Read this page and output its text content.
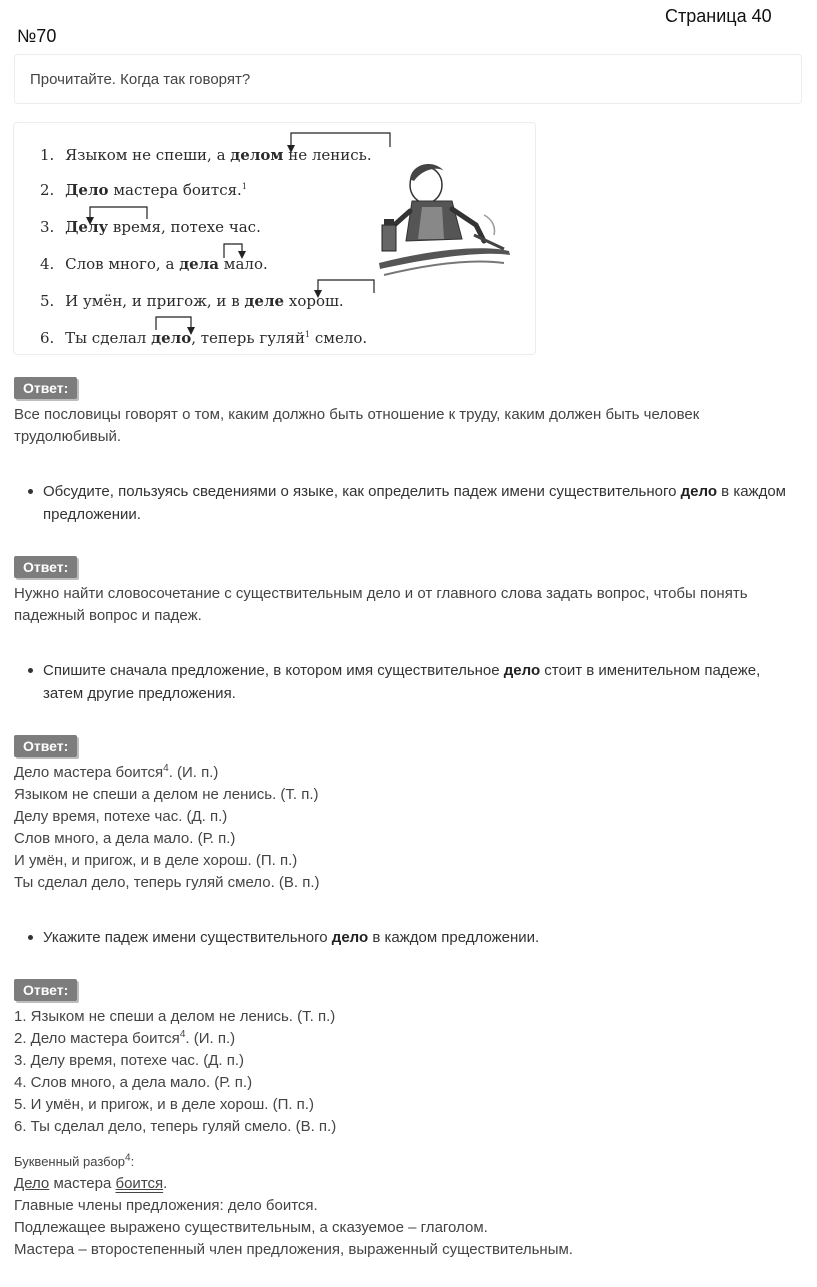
Страница 40
№70
Прочитайте. Когда так говорят?
1. Языком не спеши, а делом не ленись.
2. Дело мастера боится.$^1$
3. Делу время, потехе час.
4. Слов много, а дела мало.
5. И умён, и пригож, и в деле хорош.
6. Ты сделал дело, теперь гуляй$^1$ смело.
Ответ:
Все пословицы говорят о том, каким должно быть отношение к труду, каким должен быть человек трудолюбивый.
Обсудите, пользуясь сведениями о языке, как определить падеж имени существительного дело в каждом предложении.
Ответ:
Нужно найти словосочетание с существительным дело и от главного слова задать вопрос, чтобы понять падежный вопрос и падеж.
Спишите сначала предложение, в котором имя существительное дело стоит в именительном падеже, затем другие предложения.
Ответ:
Дело мастера боится$^4$. (И. п.)
Языком не спеши а делом не ленись. (Т. п.)
Делу время, потехе час. (Д. п.)
Слов много, а дела мало. (Р. п.)
И умён, и пригож, и в деле хорош. (П. п.)
Ты сделал дело, теперь гуляй смело. (В. п.)
Укажите падеж имени существительного дело в каждом предложении.
Ответ:
1. Языком не спеши а делом не ленись. (Т. п.)
2. Дело мастера боится$^4$. (И. п.)
3. Делу время, потехе час. (Д. п.)
4. Слов много, а дела мало. (Р. п.)
5. И умён, и пригож, и в деле хорош. (П. п.)
6. Ты сделал дело, теперь гуляй смело. (В. п.)
Буквенный разбор$^4$:
Дело мастера боится.
Главные члены предложения: дело боится.
Подлежащее выражено существительным, а сказуемое – глаголом.
Мастера – второстепенный член предложения, выраженный существительным.
